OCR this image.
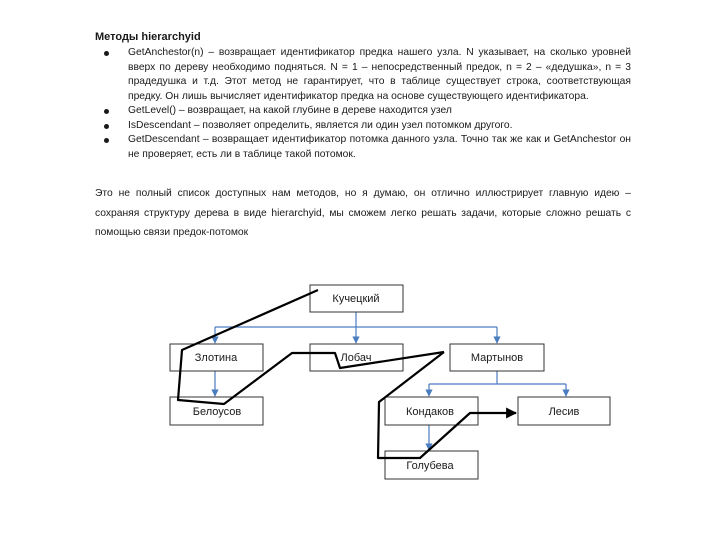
Методы hierarchyid
GetAnchestor(n) – возвращает идентификатор предка нашего узла. N указывает, на сколько уровней вверх по дереву необходимо подняться. N = 1 – непосредственный предок, n = 2 – «дедушка», n = 3 прадедушка и т.д. Этот метод не гарантирует, что в таблице существует строка, соответствующая предку. Он лишь вычисляет идентификатор предка на основе существующего идентификатора.
GetLevel() – возвращает, на какой глубине в дереве находится узел
IsDescendant – позволяет определить, является ли один узел потомком другого.
GetDescendant – возвращает идентификатор потомка данного узла. Точно так же как и GetAnchestor он не проверяет, есть ли в таблице такой потомок.

Это не полный список доступных нам методов, но я думаю, он отлично иллюстрирует главную идею – сохраняя структуру дерева в виде hierarchyid, мы сможем легко решать задачи, которые сложно решать с помощью связи предок-потомок

Кучецкий
Злотина	Лобач	Мартынов
Белоусов	Кондаков	Лесив
Голубева
